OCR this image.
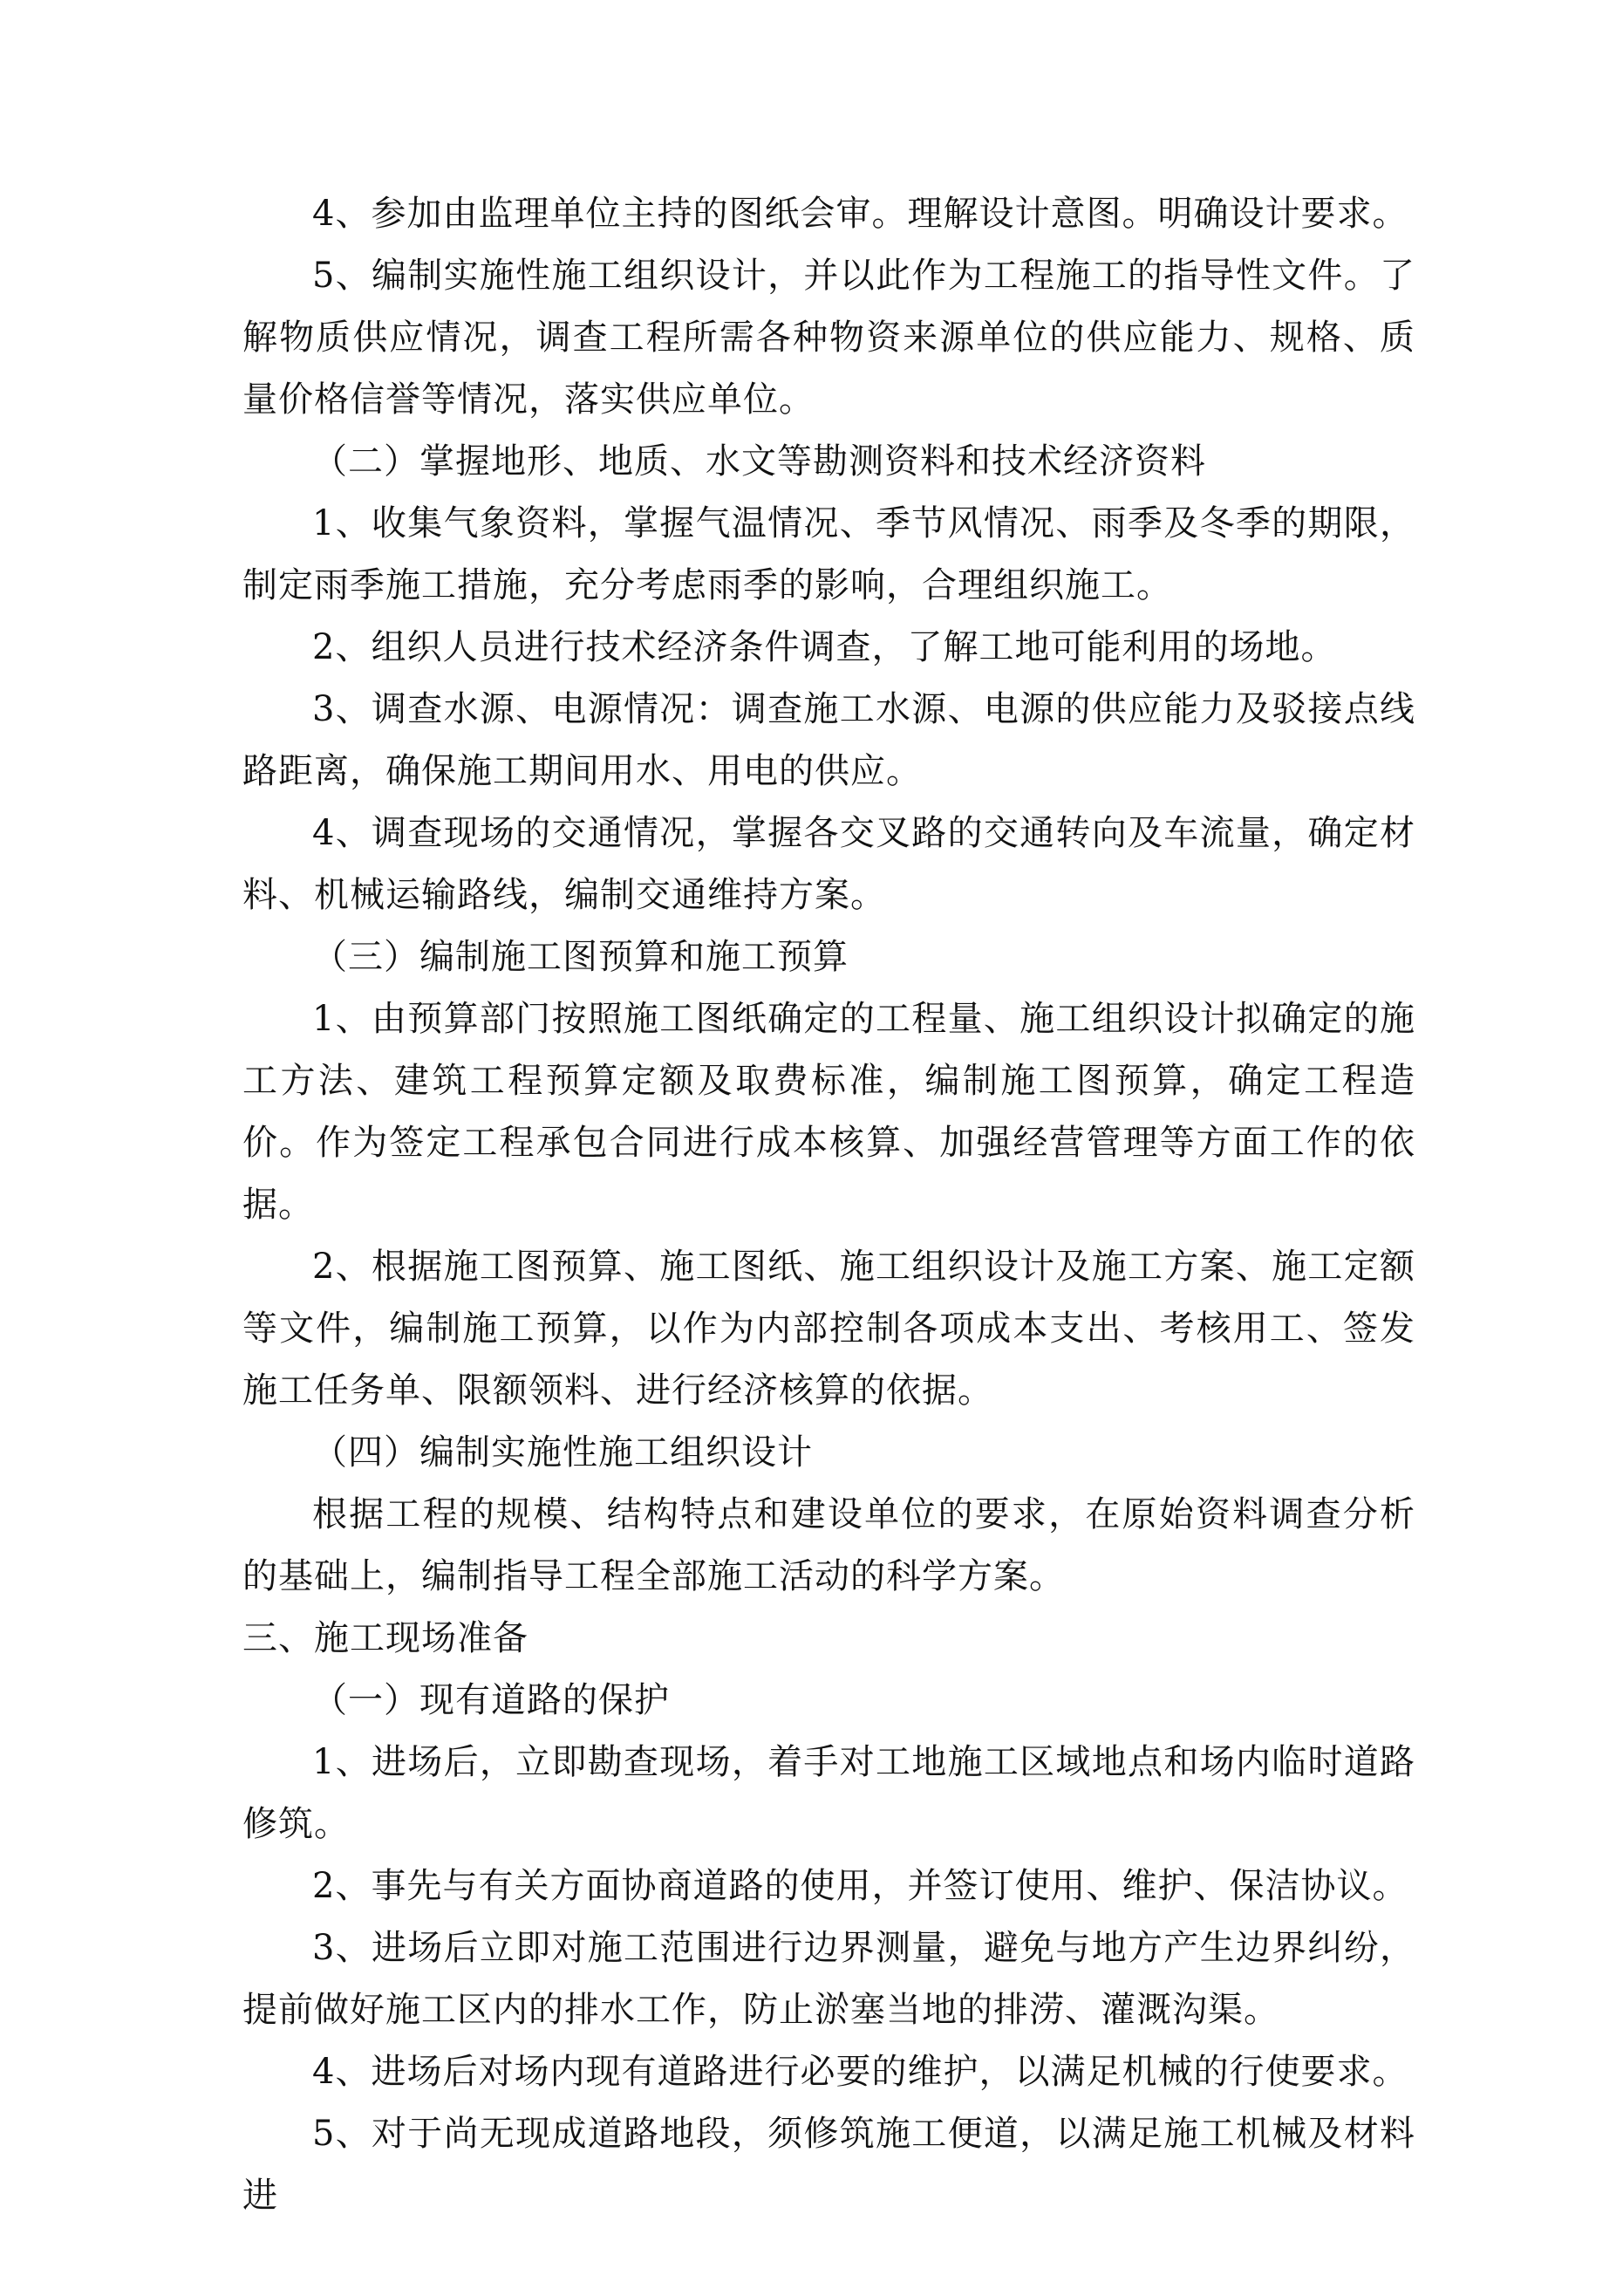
4、参加由监理单位主持的图纸会审。理解设计意图。明确设计要求。

5、编制实施性施工组织设计，并以此作为工程施工的指导性文件。了解物质供应情况，调查工程所需各种物资来源单位的供应能力、规格、质量价格信誉等情况，落实供应单位。

（二）掌握地形、地质、水文等勘测资料和技术经济资料

1、收集气象资料，掌握气温情况、季节风情况、雨季及冬季的期限，制定雨季施工措施，充分考虑雨季的影响，合理组织施工。

2、组织人员进行技术经济条件调查，了解工地可能利用的场地。

3、调查水源、电源情况：调查施工水源、电源的供应能力及驳接点线路距离，确保施工期间用水、用电的供应。

4、调查现场的交通情况，掌握各交叉路的交通转向及车流量，确定材料、机械运输路线，编制交通维持方案。

（三）编制施工图预算和施工预算

1、由预算部门按照施工图纸确定的工程量、施工组织设计拟确定的施工方法、建筑工程预算定额及取费标准，编制施工图预算，确定工程造价。作为签定工程承包合同进行成本核算、加强经营管理等方面工作的依据。

2、根据施工图预算、施工图纸、施工组织设计及施工方案、施工定额等文件，编制施工预算，以作为内部控制各项成本支出、考核用工、签发施工任务单、限额领料、进行经济核算的依据。

（四）编制实施性施工组织设计

根据工程的规模、结构特点和建设单位的要求，在原始资料调查分析的基础上，编制指导工程全部施工活动的科学方案。

三、施工现场准备

（一）现有道路的保护

1、进场后，立即勘查现场，着手对工地施工区域地点和场内临时道路修筑。

2、事先与有关方面协商道路的使用，并签订使用、维护、保洁协议。

3、进场后立即对施工范围进行边界测量，避免与地方产生边界纠纷，提前做好施工区内的排水工作，防止淤塞当地的排涝、灌溉沟渠。

4、进场后对场内现有道路进行必要的维护，以满足机械的行使要求。

5、对于尚无现成道路地段，须修筑施工便道，以满足施工机械及材料进
